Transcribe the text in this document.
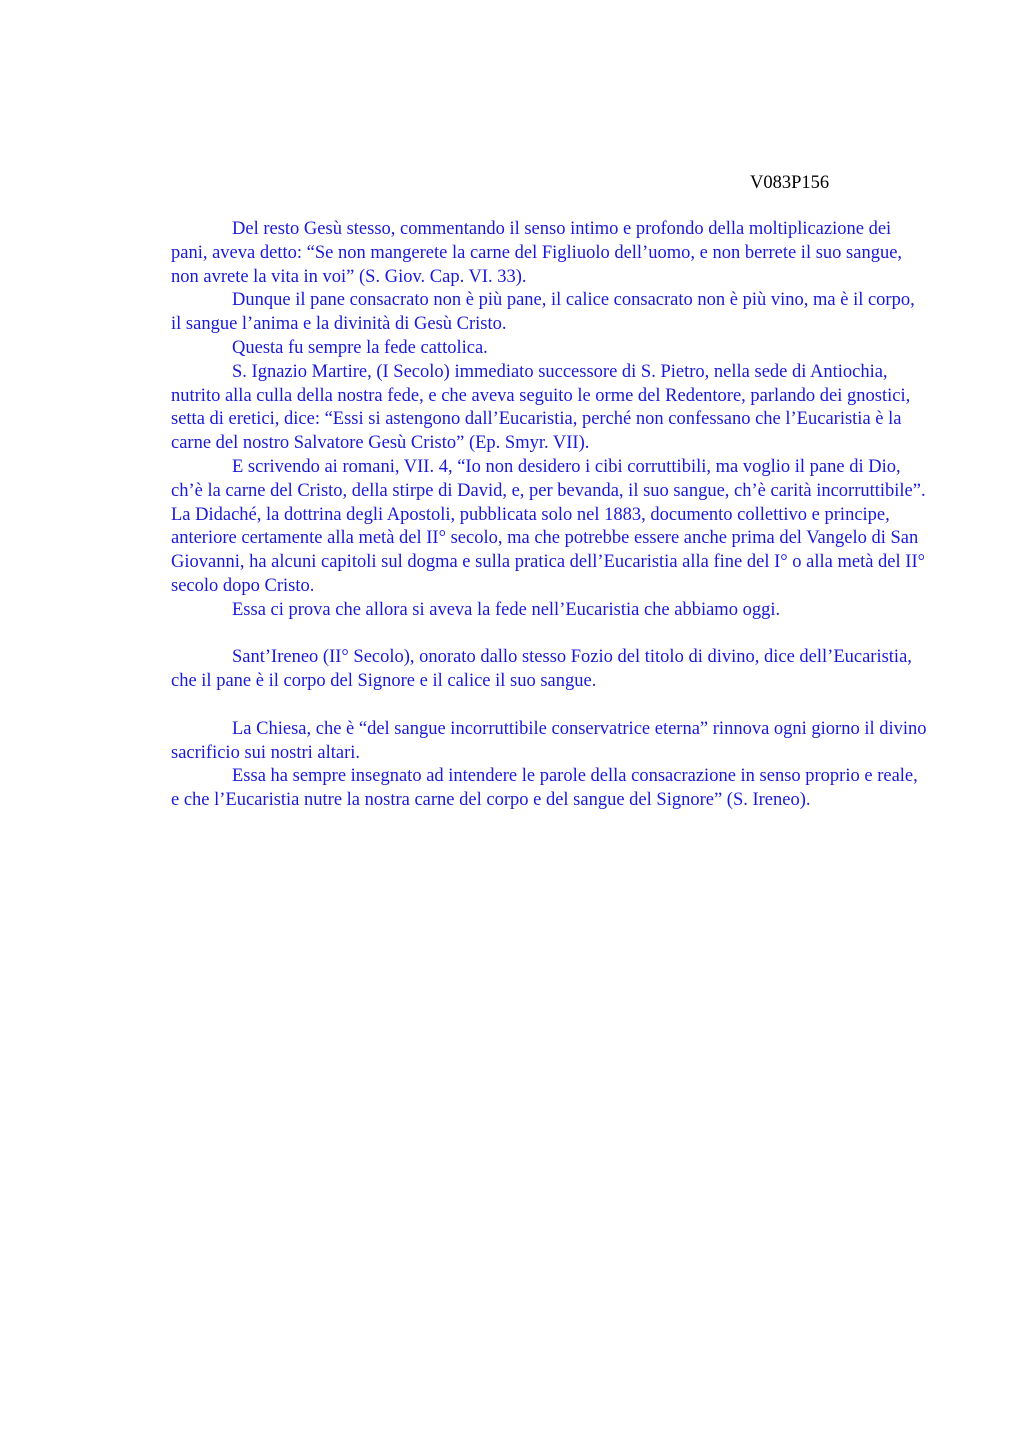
V083P156

Del resto Gesù stesso, commentando il senso intimo e profondo della moltiplicazione dei pani, aveva detto: “Se non mangerete la carne del Figliuolo dell’uomo, e non berrete il suo sangue, non avrete la vita in voi” (S. Giov. Cap. VI. 33).

Dunque il pane consacrato non è più pane, il calice consacrato non è più vino, ma è il corpo, il sangue l’anima e la divinità di Gesù Cristo.

Questa fu sempre la fede cattolica.

S. Ignazio Martire, (I Secolo) immediato successore di S. Pietro, nella sede di Antiochia, nutrito alla culla della nostra fede, e che aveva seguito le orme del Redentore, parlando dei gnostici, setta di eretici, dice: “Essi si astengono dall’Eucaristia, perché non confessano che l’Eucaristia è la carne del nostro Salvatore Gesù Cristo” (Ep. Smyr. VII).

E scrivendo ai romani, VII. 4, “Io non desidero i cibi corruttibili, ma voglio il pane di Dio, ch’è la carne del Cristo, della stirpe di David, e, per bevanda, il suo sangue, ch’è carità incorruttibile”. La Didaché, la dottrina degli Apostoli, pubblicata solo nel 1883, documento collettivo e principe, anteriore certamente alla metà del II° secolo, ma che potrebbe essere anche prima del Vangelo di San Giovanni, ha alcuni capitoli sul dogma e sulla pratica dell’Eucaristia alla fine del I° o alla metà del II° secolo dopo Cristo.

Essa ci prova che allora si aveva la fede nell’Eucaristia che abbiamo oggi.

Sant’Ireneo (II° Secolo), onorato dallo stesso Fozio del titolo di divino, dice dell’Eucaristia, che il pane è il corpo del Signore e il calice il suo sangue.

La Chiesa, che è “del sangue incorruttibile conservatrice eterna” rinnova ogni giorno il divino sacrificio sui nostri altari.

Essa ha sempre insegnato ad intendere le parole della consacrazione in senso proprio e reale, e che l’Eucaristia nutre la nostra carne del corpo e del sangue del Signore” (S. Ireneo).
